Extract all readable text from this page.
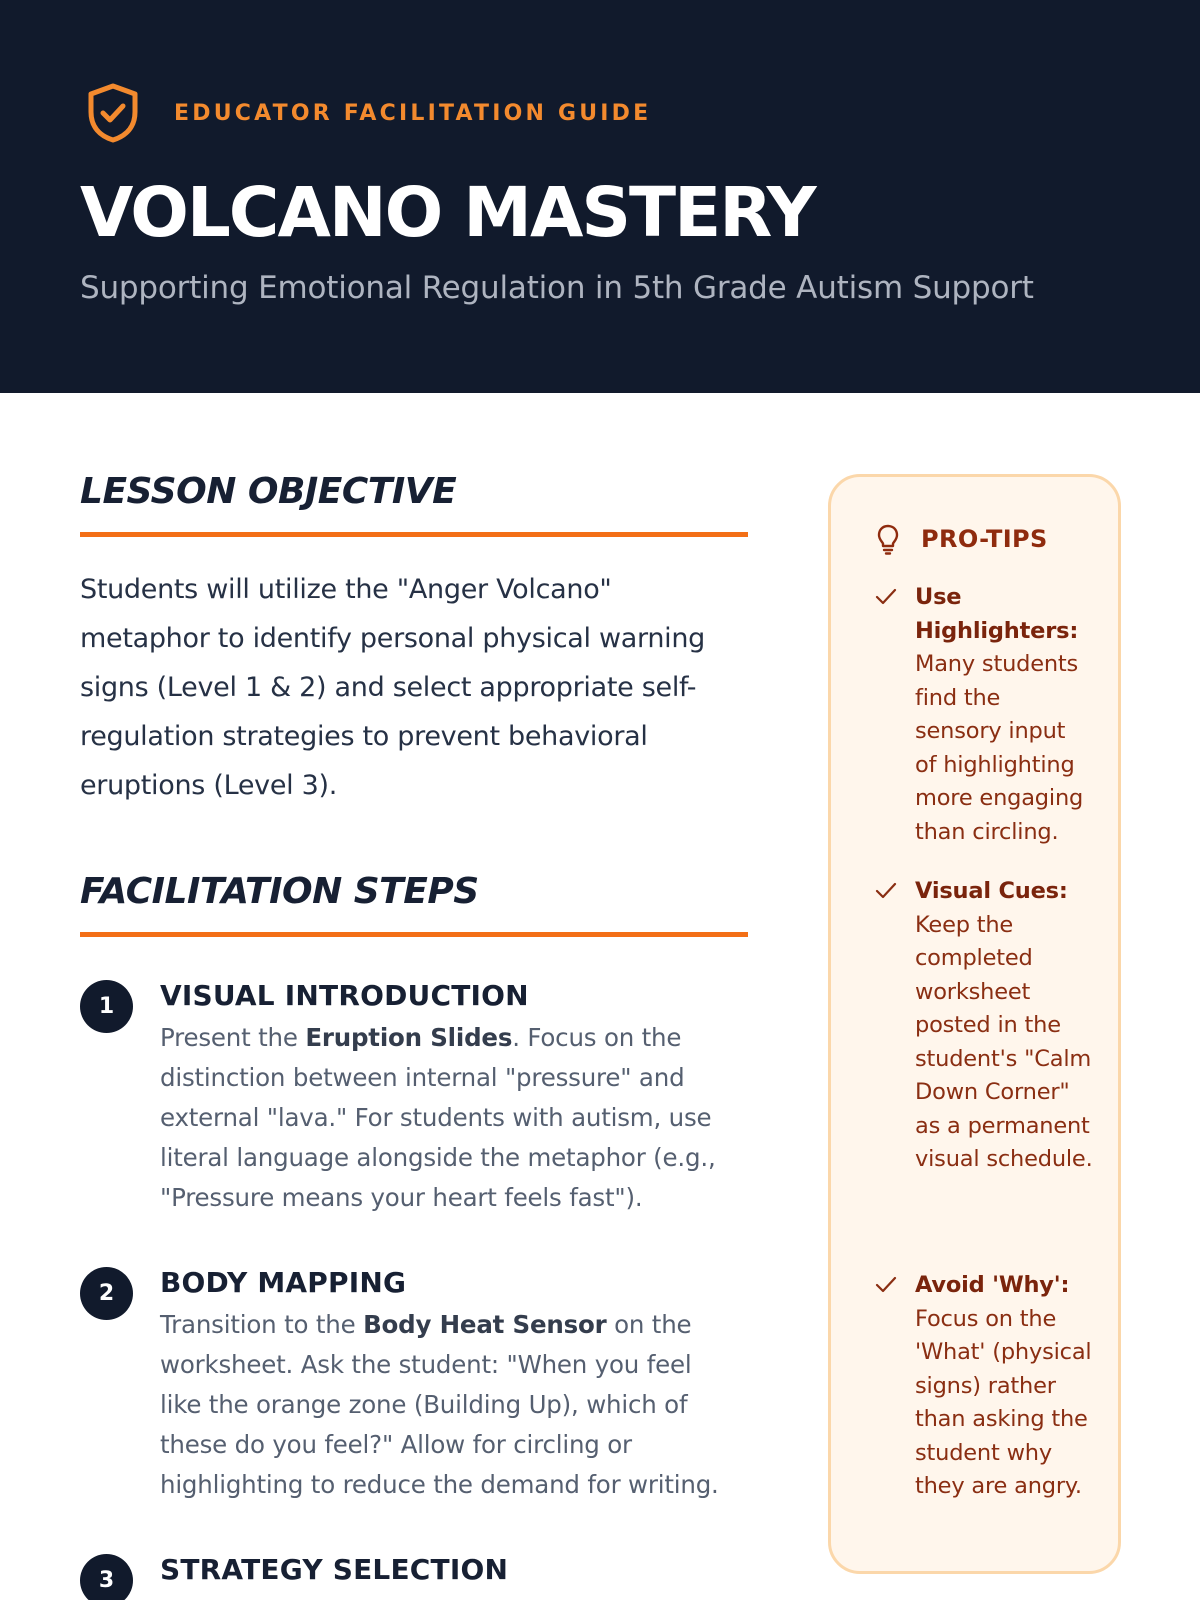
EDUCATOR FACILITATION GUIDE
VOLCANO MASTERY
Supporting Emotional Regulation in 5th Grade Autism Support
LESSON OBJECTIVE

Students will utilize the "Anger Volcano" metaphor to identify personal physical warning signs (Level 1 & 2) and select appropriate self-regulation strategies to prevent behavioral eruptions (Level 3).

FACILITATION STEPS
1	VISUAL INTRODUCTION

Present the Eruption Slides. Focus on the distinction between internal "pressure" and external "lava." For students with autism, use literal language alongside the metaphor (e.g., "Pressure means your heart feels fast").

2	BODY MAPPING

Transition to the Body Heat Sensor on the worksheet. Ask the student: "When you feel like the orange zone (Building Up), which of these do you feel?" Allow for circling or highlighting to reduce the demand for writing.

3	STRATEGY SELECTION
PRO-TIPS

Use Highlighters: Many students find the sensory input of highlighting more engaging than circling.

Visual Cues: Keep the completed worksheet posted in the student's "Calm Down Corner" as a permanent visual schedule.

Avoid 'Why': Focus on the 'What' (physical signs) rather than asking the student why they are angry.
